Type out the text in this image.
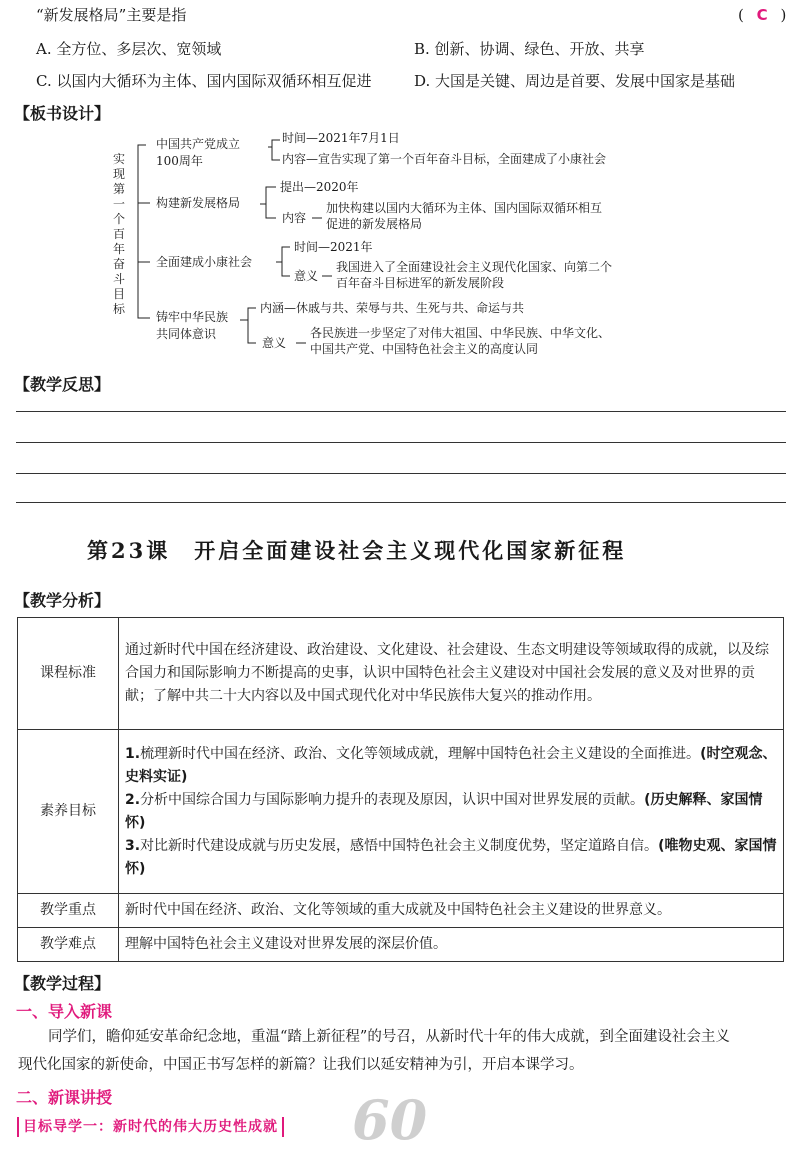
“新发展格局”主要是指	( C )
A. 全方位、多层次、宽领域	B. 创新、协调、绿色、开放、共享
C. 以国内大循环为主体、国内国际双循环相互促进	D. 大国是关键、周边是首要、发展中国家是基础
【板书设计】
实现第一个百年奋斗目标
中国共产党成立
100周年
时间—2021年7月1日
内容—宣告实现了第一个百年奋斗目标，全面建成了小康社会
构建新发展格局
提出—2020年
内容
加快构建以国内大循环为主体、国内国际双循环相互
促进的新发展格局
全面建成小康社会
时间—2021年
意义
我国进入了全面建设社会主义现代化国家、向第二个
百年奋斗目标进军的新发展阶段
铸牢中华民族
共同体意识
内涵—休戚与共、荣辱与共、生死与共、命运与共
意义
各民族进一步坚定了对伟大祖国、中华民族、中华文化、
中国共产党、中国特色社会主义的高度认同
【教学反思】
第23课　开启全面建设社会主义现代化国家新征程
【教学分析】
课程标准	通过新时代中国在经济建设、政治建设、文化建设、社会建设、生态文明建设等领域取得的成就，以及综合国力和国际影响力不断提高的史事，认识中国特色社会主义建设对中国社会发展的意义及对世界的贡献；了解中共二十大内容以及中国式现代化对中华民族伟大复兴的推动作用。
素养目标	1.梳理新时代中国在经济、政治、文化等领域成就，理解中国特色社会主义建设的全面推进。(时空观念、史料实证)
2.分析中国综合国力与国际影响力提升的表现及原因，认识中国对世界发展的贡献。(历史解释、家国情怀)
3.对比新时代建设成就与历史发展，感悟中国特色社会主义制度优势，坚定道路自信。(唯物史观、家国情怀)

教学重点	新时代中国在经济、政治、文化等领域的重大成就及中国特色社会主义建设的世界意义。
教学难点	理解中国特色社会主义建设对世界发展的深层价值。
【教学过程】
一、导入新课
同学们，瞻仰延安革命纪念地，重温“踏上新征程”的号召，从新时代十年的伟大成就，到全面建设社会主义
现代化国家的新使命，中国正书写怎样的新篇？让我们以延安精神为引，开启本课学习。
二、新课讲授
目标导学一：新时代的伟大历史性成就 60
